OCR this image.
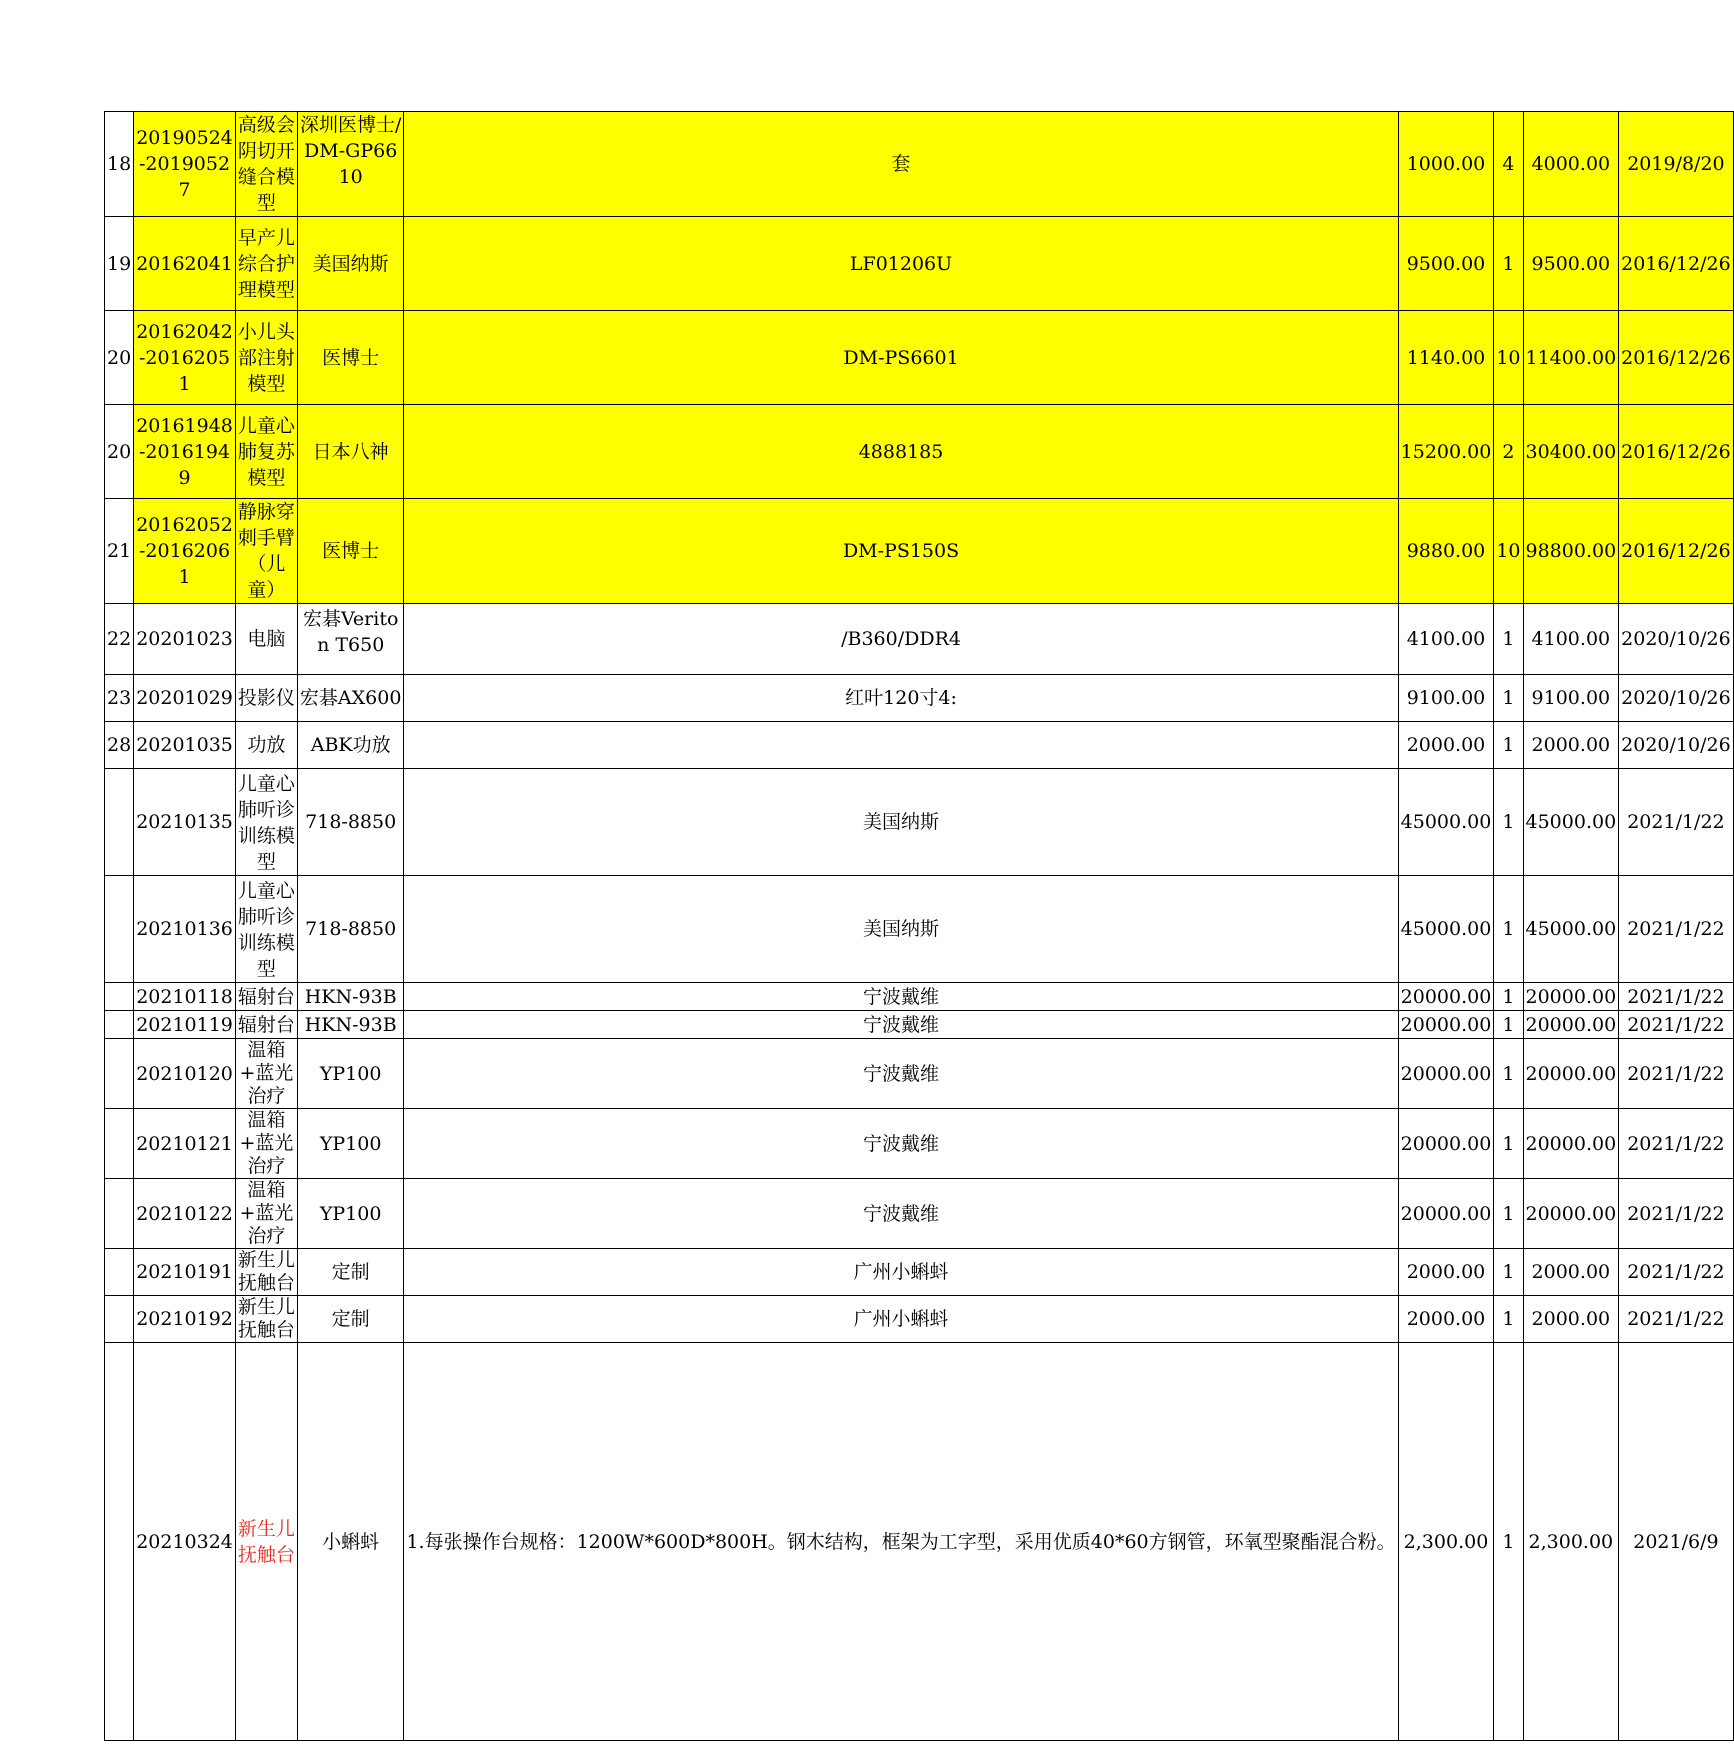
18	20190524-20190527	高级会阴切开缝合模型	深圳医博士/DM-GP6610	套	1000.00	4	4000.00	2019/8/20
19	20162041	早产儿综合护理模型	美国纳斯	LF01206U	9500.00	1	9500.00	2016/12/26
20	20162042-20162051	小儿头部注射模型	医博士	DM-PS6601	1140.00	10	11400.00	2016/12/26
20	20161948-20161949	儿童心肺复苏模型	日本八神	4888185	15200.00	2	30400.00	2016/12/26
21	20162052-20162061	静脉穿刺手臂（儿童）	医博士	DM-PS150S	9880.00	10	98800.00	2016/12/26
22	20201023	电脑	宏碁Veriton T650	/B360/DDR4	4100.00	1	4100.00	2020/10/26
23	20201029	投影仪	宏碁AX600	红叶120寸4:	9100.00	1	9100.00	2020/10/26
28	20201035	功放	ABK功放		2000.00	1	2000.00	2020/10/26
	20210135	儿童心肺听诊训练模型	718-8850	美国纳斯	45000.00	1	45000.00	2021/1/22
	20210136	儿童心肺听诊训练模型	718-8850	美国纳斯	45000.00	1	45000.00	2021/1/22
	20210118	辐射台	HKN-93B	宁波戴维	20000.00	1	20000.00	2021/1/22
	20210119	辐射台	HKN-93B	宁波戴维	20000.00	1	20000.00	2021/1/22
	20210120	温箱+蓝光治疗	YP100	宁波戴维	20000.00	1	20000.00	2021/1/22
	20210121	温箱+蓝光治疗	YP100	宁波戴维	20000.00	1	20000.00	2021/1/22
	20210122	温箱+蓝光治疗	YP100	宁波戴维	20000.00	1	20000.00	2021/1/22
	20210191	新生儿抚触台	定制	广州小蝌蚪	2000.00	1	2000.00	2021/1/22
	20210192	新生儿抚触台	定制	广州小蝌蚪	2000.00	1	2000.00	2021/1/22
	20210324	新生儿抚触台	小蝌蚪	1.每张操作台规格：1200W*600D*800H。钢木结构，框架为工字型，采用优质40*60方钢管，环氧型聚酯混合粉。	2,300.00	1	2,300.00	2021/6/9
